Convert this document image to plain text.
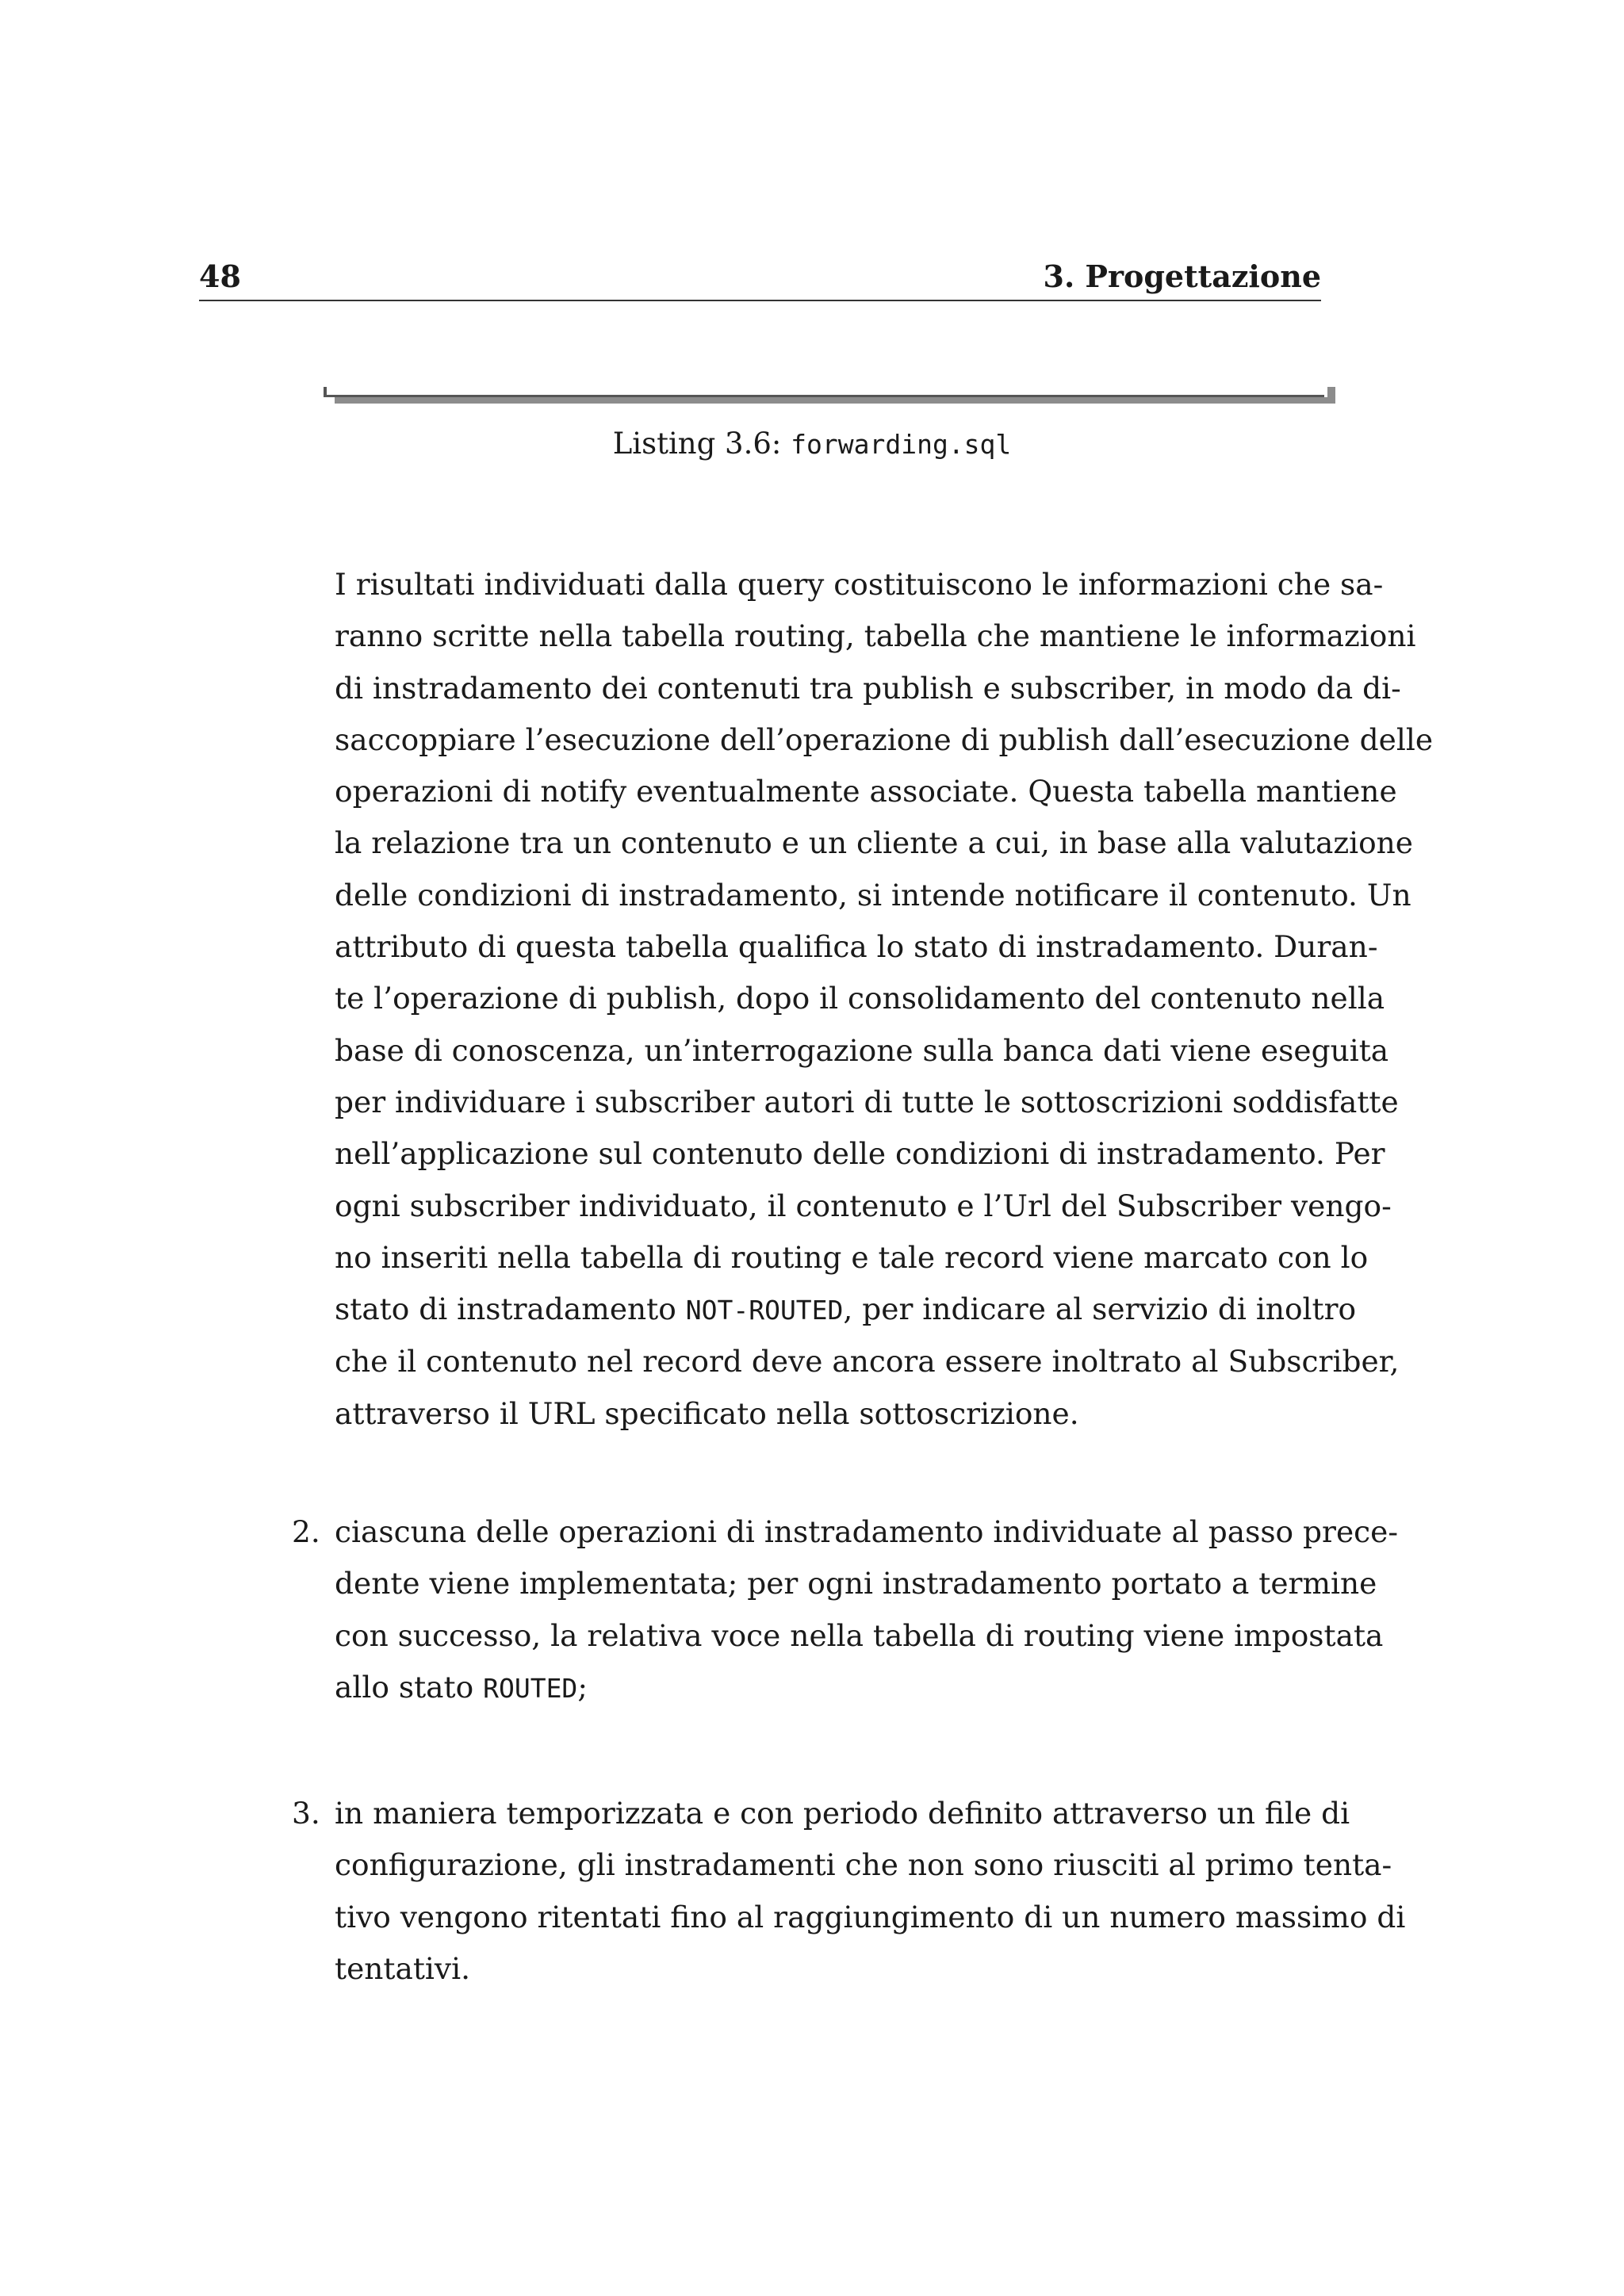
48	3. Progettazione
Listing 3.6: forwarding.sql
I risultati individuati dalla query costituiscono le informazioni che sa-
ranno scritte nella tabella routing, tabella che mantiene le informazioni
di instradamento dei contenuti tra publish e subscriber, in modo da di-
saccoppiare l’esecuzione dell’operazione di publish dall’esecuzione delle
operazioni di notify eventualmente associate. Questa tabella mantiene
la relazione tra un contenuto e un cliente a cui, in base alla valutazione
delle condizioni di instradamento, si intende notificare il contenuto. Un
attributo di questa tabella qualifica lo stato di instradamento. Duran-
te l’operazione di publish, dopo il consolidamento del contenuto nella
base di conoscenza, un’interrogazione sulla banca dati viene eseguita
per individuare i subscriber autori di tutte le sottoscrizioni soddisfatte
nell’applicazione sul contenuto delle condizioni di instradamento. Per
ogni subscriber individuato, il contenuto e l’Url del Subscriber vengo-
no inseriti nella tabella di routing e tale record viene marcato con lo
stato di instradamento NOT-ROUTED, per indicare al servizio di inoltro
che il contenuto nel record deve ancora essere inoltrato al Subscriber,
attraverso il URL specificato nella sottoscrizione.
2. ciascuna delle operazioni di instradamento individuate al passo prece-
dente viene implementata; per ogni instradamento portato a termine
con successo, la relativa voce nella tabella di routing viene impostata
allo stato ROUTED;
3. in maniera temporizzata e con periodo definito attraverso un file di
configurazione, gli instradamenti che non sono riusciti al primo tenta-
tivo vengono ritentati fino al raggiungimento di un numero massimo di
tentativi.
